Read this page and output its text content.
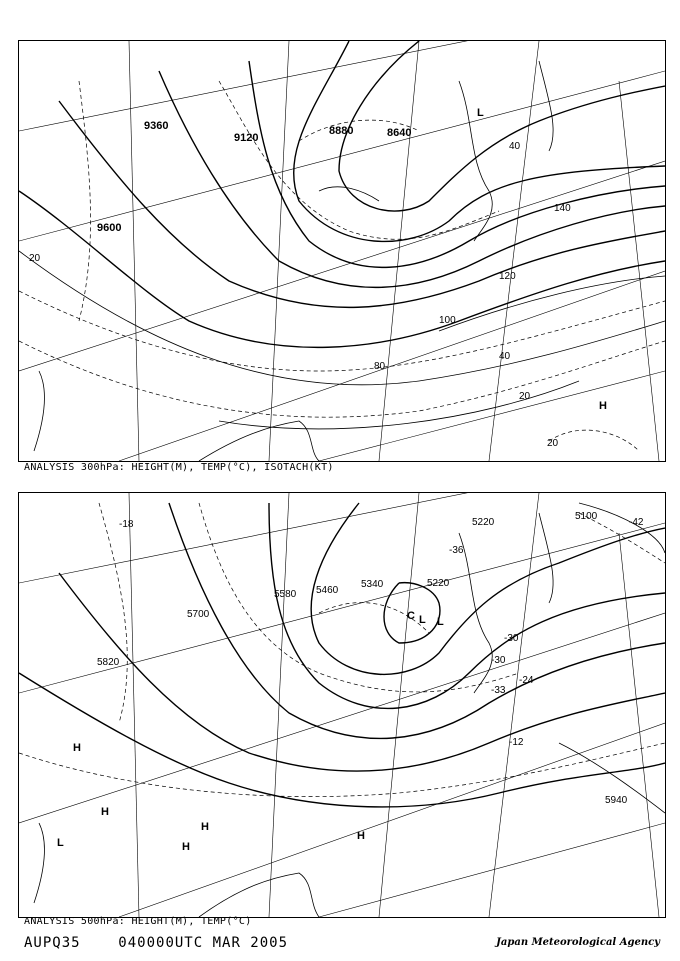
9600
9360
9120
8880	8640
20
40
80
100
120
140
20
40
20
L
H
ANALYSIS 300hPa: HEIGHT(M), TEMP(°C), ISOTACH(KT)
5820
5700
5580 5460
5340	5220
5220
5100
5940
-18
-30
-24
-12
-36
-42
-33
-30
L L
C
H
H
H
H
H
L
ANALYSIS 500hPa: HEIGHT(M), TEMP(°C)
AUPQ35	040000UTC MAR 2005	Japan Meteorological Agency
